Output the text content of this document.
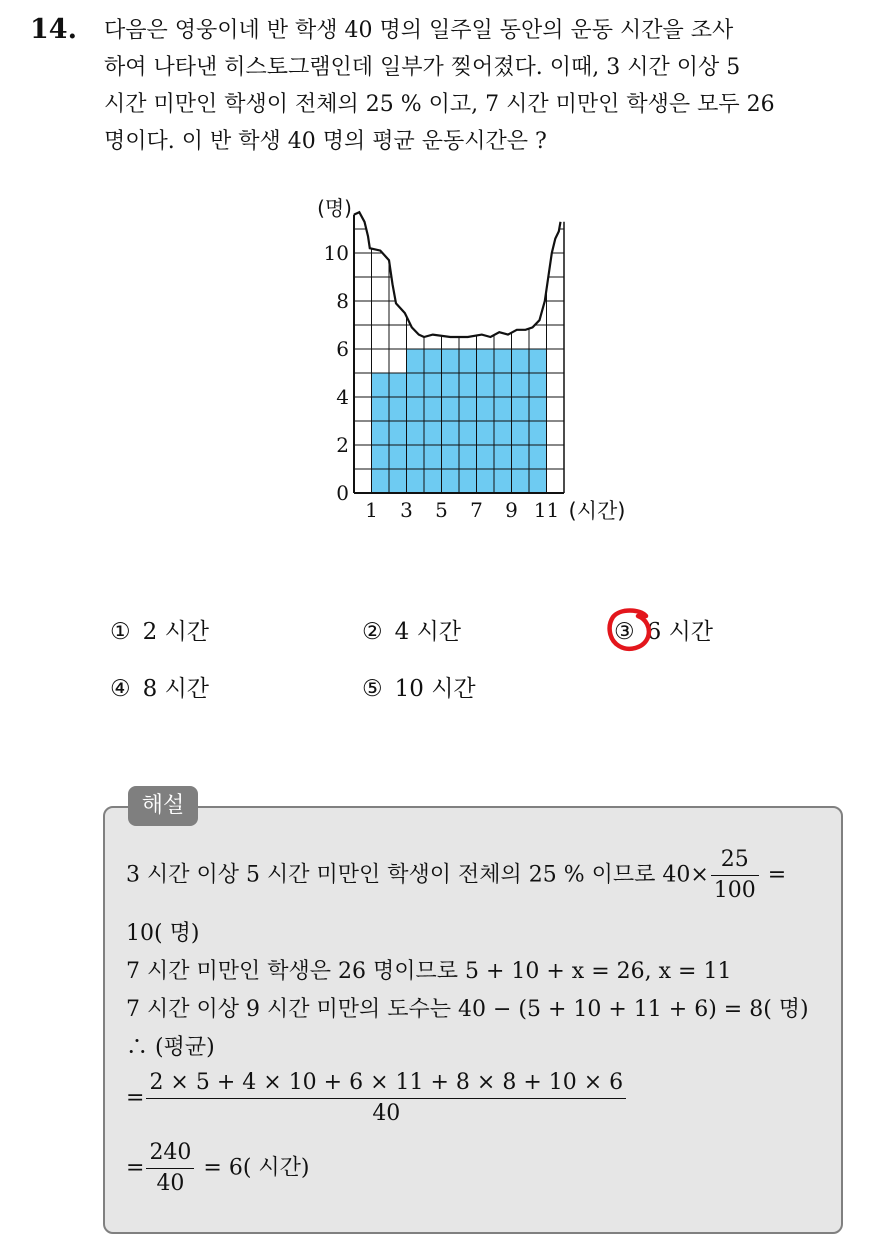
14. 다음은 영웅이네 반 학생 40 명의 일주일 동안의 운동 시간을 조사
하여 나타낸 히스토그램인데 일부가 찢어졌다. 이때, 3 시간 이상 5
시간 미만인 학생이 전체의 25 % 이고, 7 시간 미만인 학생은 모두 26
명이다. 이 반 학생 40 명의 평균 운동시간은 ?
0
2
4
6
8
10
1 3 5 7 9 11 (시간)
(명)
① 2 시간	② 4 시간	③ 6 시간
④ 8 시간	⑤ 10 시간
해설
3 시간 이상 5 시간 미만인 학생이 전체의 25 % 이므로 $40\times \frac{25}{100}$ =
10( 명)
7 시간 미만인 학생은 26 명이므로 5 + 10 + x = 26, x = 11
7 시간 이상 9 시간 미만의 도수는 40 − (5 + 10 + 11 + 6) = 8( 명)
∴ (평균)
= $\frac{2 \times 5 + 4 \times 10 + 6 \times 11 + 8 \times 8 + 10 \times 6}{40}$
= $\frac{240}{40} = 6$( 시간)
